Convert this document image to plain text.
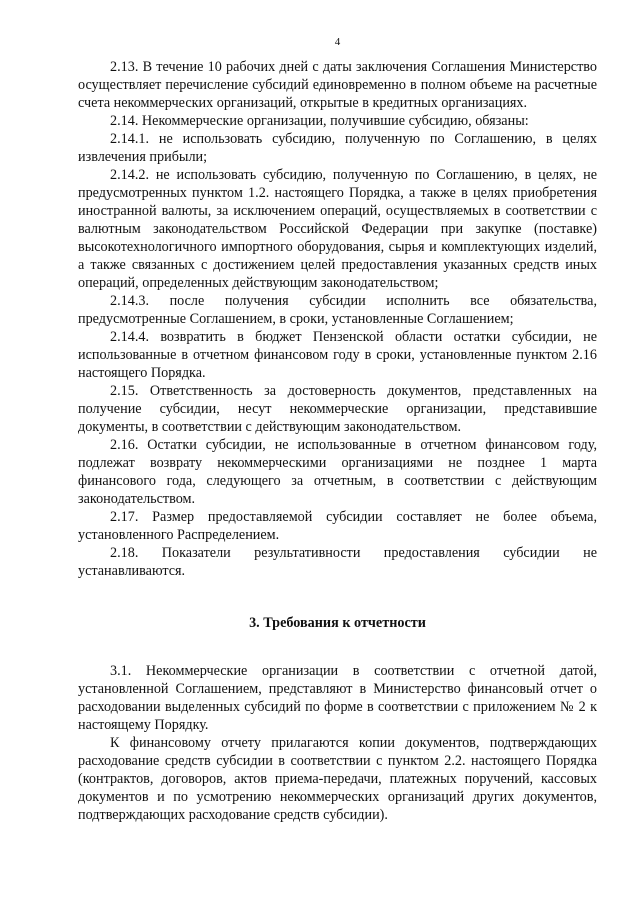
4

2.13. В течение 10 рабочих дней с даты заключения Соглашения Министерство осуществляет перечисление субсидий единовременно в полном объеме на расчетные счета некоммерческих организаций, открытые в кредитных организациях.

2.14. Некоммерческие организации, получившие субсидию, обязаны:

2.14.1. не использовать субсидию, полученную по Соглашению, в целях извлечения прибыли;

2.14.2. не использовать субсидию, полученную по Соглашению, в целях, не предусмотренных пунктом 1.2. настоящего Порядка, а также в целях приобретения иностранной валюты, за исключением операций, осуществляемых в соответствии с валютным законодательством Российской Федерации при закупке (поставке) высокотехнологичного импортного оборудования, сырья и комплектующих изделий, а также связанных с достижением целей предоставления указанных средств иных операций, определенных действующим законодательством;

2.14.3. после получения субсидии исполнить все обязательства, предусмотренные Соглашением, в сроки, установленные Соглашением;

2.14.4. возвратить в бюджет Пензенской области остатки субсидии, не использованные в отчетном финансовом году в сроки, установленные пунктом 2.16 настоящего Порядка.

2.15. Ответственность за достоверность документов, представленных на получение субсидии, несут некоммерческие организации, представившие документы, в соответствии с действующим законодательством.

2.16. Остатки субсидии, не использованные в отчетном финансовом году, подлежат возврату некоммерческими организациями не позднее 1 марта финансового года, следующего за отчетным, в соответствии с действующим законодательством.

2.17. Размер предоставляемой субсидии составляет не более объема, установленного Распределением.

2.18. Показатели результативности предоставления субсидии не устанавливаются.

3. Требования к отчетности

3.1. Некоммерческие организации в соответствии с отчетной датой, установленной Соглашением, представляют в Министерство финансовый отчет о расходовании выделенных субсидий по форме в соответствии с приложением № 2 к настоящему Порядку.

К финансовому отчету прилагаются копии документов, подтверждающих расходование средств субсидии в соответствии с пунктом 2.2. настоящего Порядка (контрактов, договоров, актов приема-передачи, платежных поручений, кассовых документов и по усмотрению некоммерческих организаций других документов, подтверждающих расходование средств субсидии).
